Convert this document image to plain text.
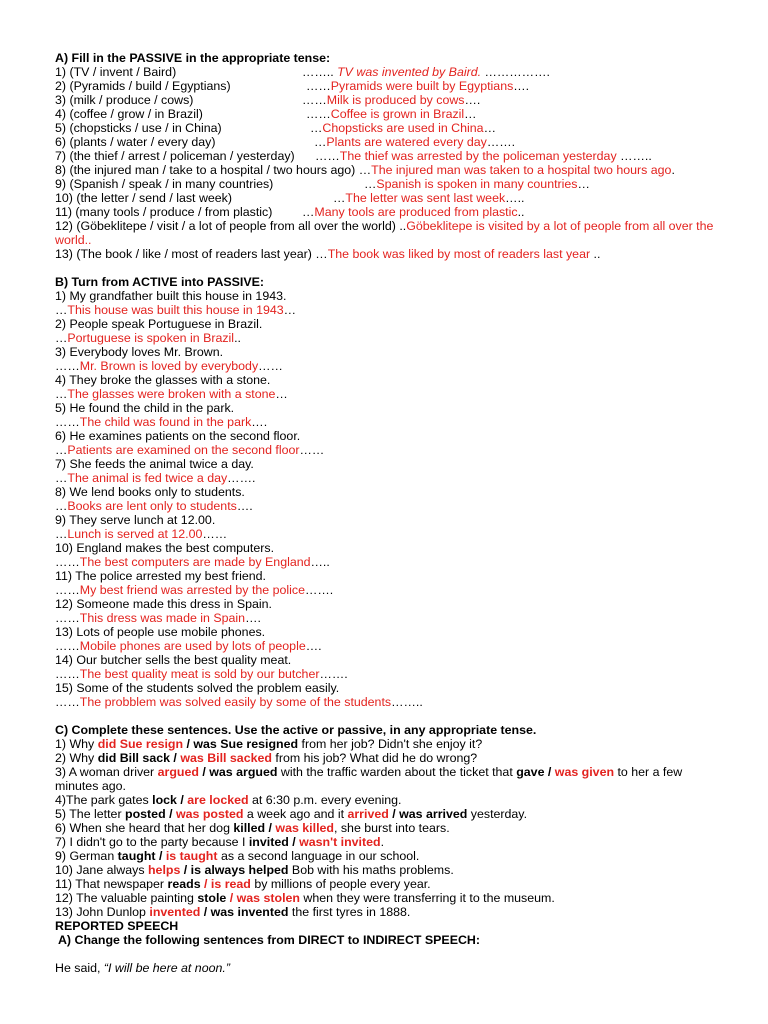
A) Fill in the PASSIVE in the appropriate tense:
1) (TV / invent / Baird)	…….. TV was invented by Baird. …………….
2) (Pyramids / build / Egyptians)	……Pyramids were built by Egyptians….
3) (milk / produce / cows)	……Milk is produced by cows….
4) (coffee / grow / in Brazil)	……Coffee is grown in Brazil…
5) (chopsticks / use / in China)	…Chopsticks are used in China…
6) (plants / water / every day)	…Plants are watered every day…….
7) (the thief / arrest / policeman / yesterday) ……The thief was arrested by the policeman yesterday ……..
8) (the injured man / take to a hospital / two hours ago) …The injured man was taken to a hospital two hours ago.
9) (Spanish / speak / in many countries)	…Spanish is spoken in many countries…
10) (the letter / send / last week)	…The letter was sent last week…..
11) (many tools / produce / from plastic) …Many tools are produced from plastic..
12) (Göbeklitepe / visit / a lot of people from all over the world) ..Göbeklitepe is visited by a lot of people from all over the world..
13) (The book / like / most of readers last year) …The book was liked by most of readers last year ..
B) Turn from ACTIVE into PASSIVE:
1) My grandfather built this house in 1943.
…This house was built this house in 1943…
2) People speak Portuguese in Brazil.
…Portuguese is spoken in Brazil..
3) Everybody loves Mr. Brown.
……Mr. Brown is loved by everybody……
4) They broke the glasses with a stone.
…The glasses were broken with a stone…
5) He found the child in the park.
……The child was found in the park….
6) He examines patients on the second floor.
…Patients are examined on the second floor……
7) She feeds the animal twice a day.
…The animal is fed twice a day…….
8) We lend books only to students.
…Books are lent only to students….
9) They serve lunch at 12.00.
…Lunch is served at 12.00……
10) England makes the best computers.
……The best computers are made by England…..
11) The police arrested my best friend.
……My best friend was arrested by the police…….
12) Someone made this dress in Spain.
……This dress was made in Spain….
13) Lots of people use mobile phones.
……Mobile phones are used by lots of people….
14) Our butcher sells the best quality meat.
……The best quality meat is sold by our butcher…….
15) Some of the students solved the problem easily.
……The probblem was solved easily by some of the students……..
C) Complete these sentences. Use the active or passive, in any appropriate tense.
1) Why did Sue resign / was Sue resigned from her job? Didn't she enjoy it?
2) Why did Bill sack / was Bill sacked from his job? What did he do wrong?
3) A woman driver argued / was argued with the traffic warden about the ticket that gave / was given to her a few
minutes ago.
4)The park gates lock / are locked at 6:30 p.m. every evening.
5) The letter posted / was posted a week ago and it arrived / was arrived yesterday.
6) When she heard that her dog killed / was killed, she burst into tears.
7) I didn't go to the party because I invited / wasn't invited.
9) German taught / is taught as a second language in our school.
10) Jane always helps / is always helped Bob with his maths problems.
11) That newspaper reads / is read by millions of people every year.
12) The valuable painting stole / was stolen when they were transferring it to the museum.
13) John Dunlop invented / was invented the first tyres in 1888.
REPORTED SPEECH
A) Change the following sentences from DIRECT to INDIRECT SPEECH:
He said, “I will be here at noon.”
